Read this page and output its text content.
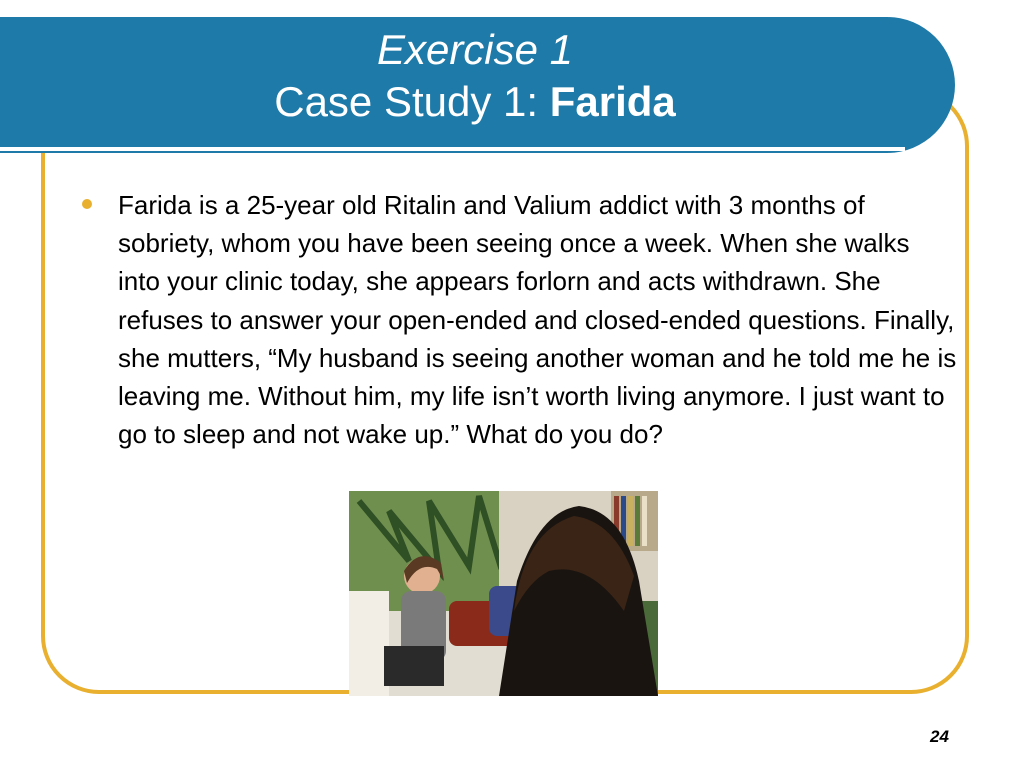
Exercise 1
Case Study 1: Farida
Farida is a 25-year old Ritalin and Valium addict with 3 months of sobriety, whom you have been seeing once a week. When she walks into your clinic today, she appears forlorn and acts withdrawn. She refuses to answer your open-ended and closed-ended questions. Finally, she mutters, “My husband is seeing another woman and he told me he is leaving me. Without him, my life isn’t worth living anymore. I just want to go to sleep and not wake up.” What do you do?
24
